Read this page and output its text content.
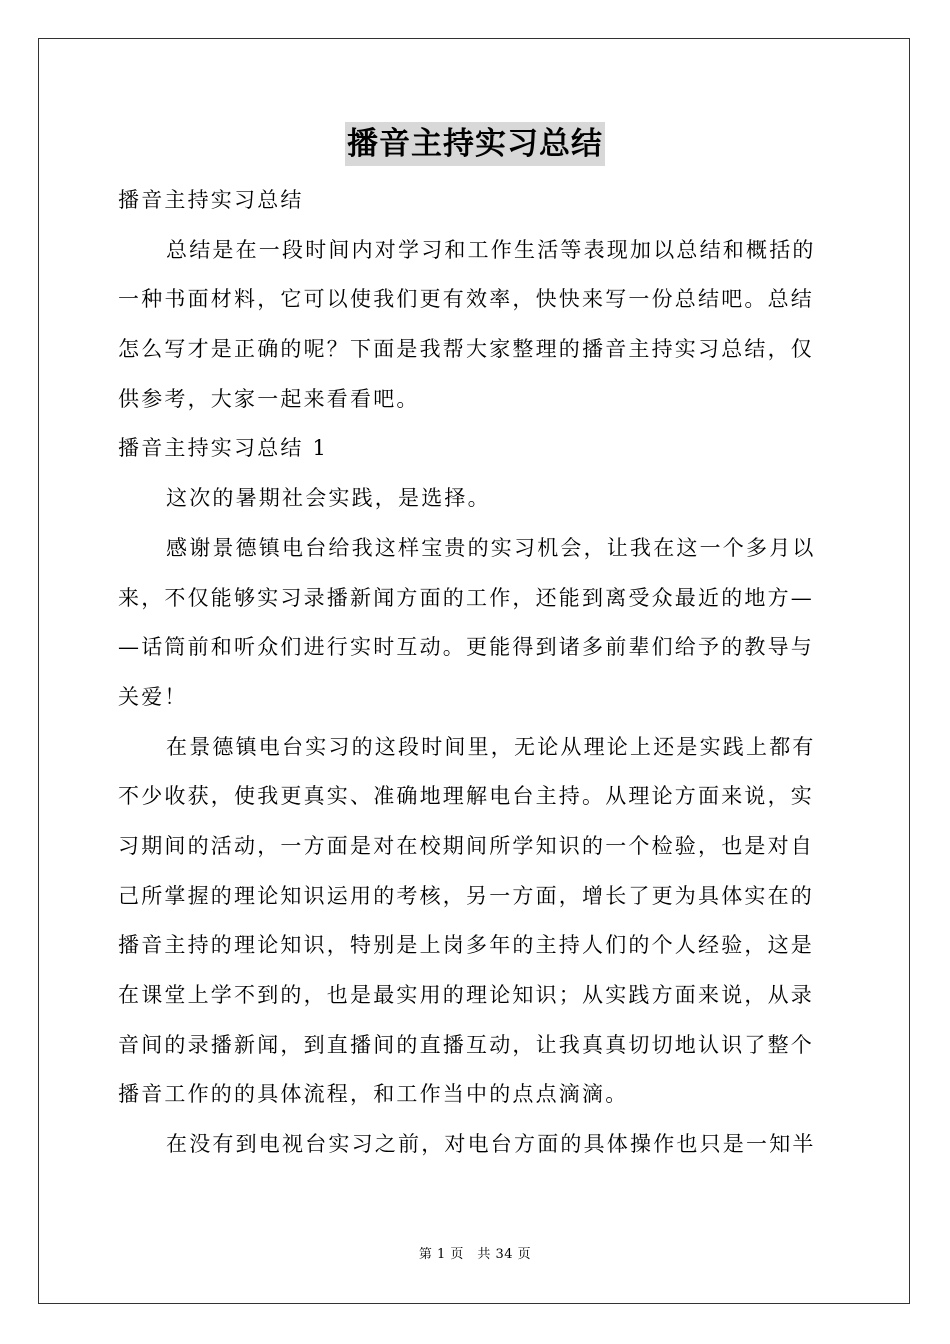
播音主持实习总结
播音主持实习总结
总结是在一段时间内对学习和工作生活等表现加以总结和概括的
一种书面材料，它可以使我们更有效率，快快来写一份总结吧。总结
怎么写才是正确的呢？下面是我帮大家整理的播音主持实习总结，仅
供参考，大家一起来看看吧。
播音主持实习总结 1
这次的暑期社会实践，是选择。
感谢景德镇电台给我这样宝贵的实习机会，让我在这一个多月以
来，不仅能够实习录播新闻方面的工作，还能到离受众最近的地方—
—话筒前和听众们进行实时互动。更能得到诸多前辈们给予的教导与
关爱！
在景德镇电台实习的这段时间里，无论从理论上还是实践上都有
不少收获，使我更真实、准确地理解电台主持。从理论方面来说，实
习期间的活动，一方面是对在校期间所学知识的一个检验，也是对自
己所掌握的理论知识运用的考核，另一方面，增长了更为具体实在的
播音主持的理论知识，特别是上岗多年的主持人们的个人经验，这是
在课堂上学不到的，也是最实用的理论知识；从实践方面来说，从录
音间的录播新闻，到直播间的直播互动，让我真真切切地认识了整个
播音工作的的具体流程，和工作当中的点点滴滴。
在没有到电视台实习之前，对电台方面的具体操作也只是一知半
第 1 页　共 34 页
